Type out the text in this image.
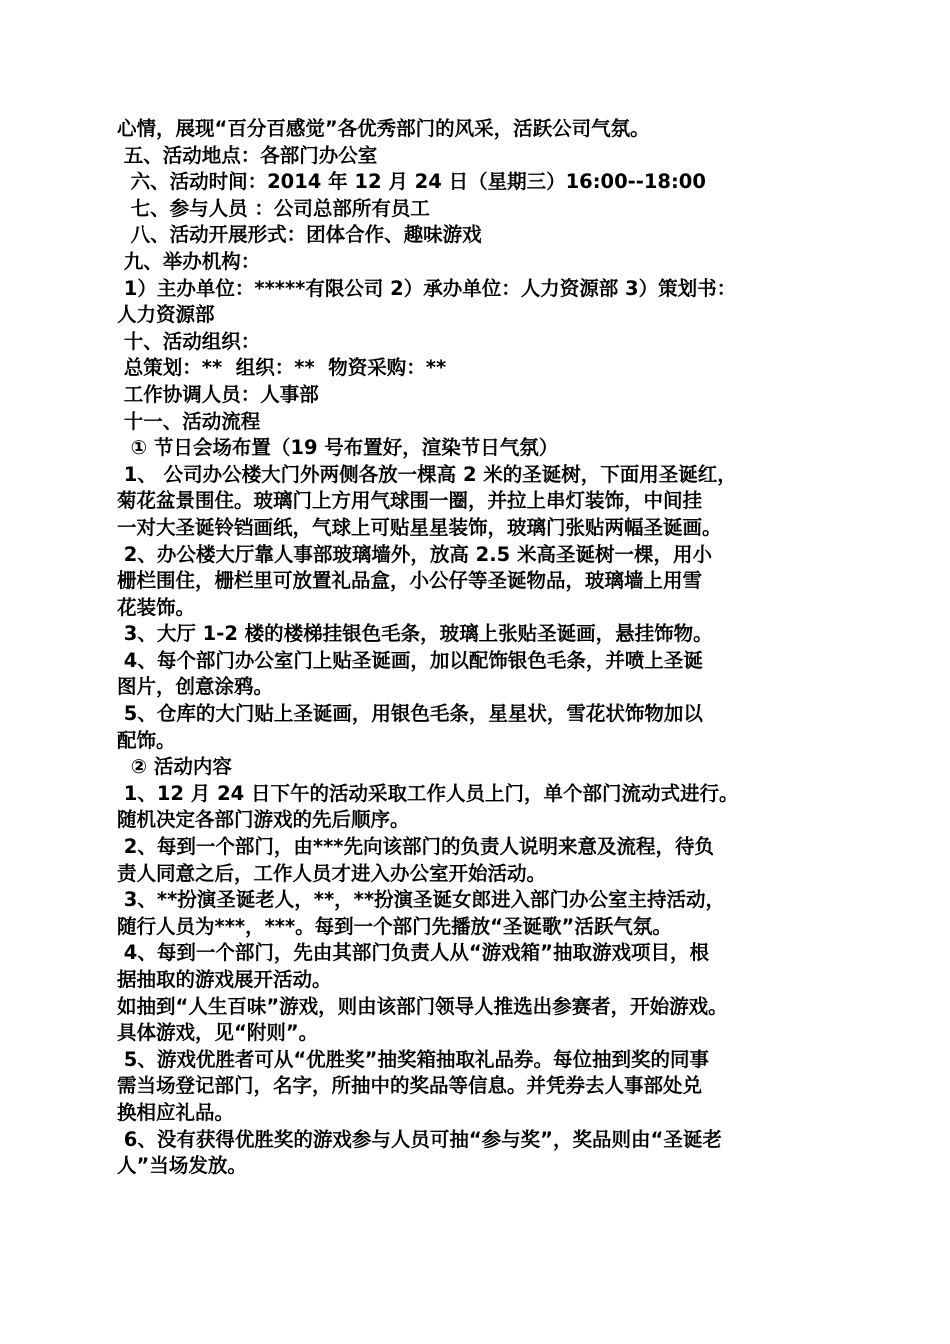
心情，展现“百分百感觉”各优秀部门的风采，活跃公司气氛。
五、活动地点：各部门办公室
六、活动时间：2014 年 12 月 24 日（星期三）16:00--18:00
七、参与人员 ：公司总部所有员工
八、活动开展形式：团体合作、趣味游戏
九、举办机构：
1）主办单位：*****有限公司 2）承办单位：人力资源部 3）策划书：
人力资源部
十、活动组织：
总策划：**  组织：**  物资采购：**
工作协调人员：人事部
十一、活动流程
① 节日会场布置（19 号布置好，渲染节日气氛）
1、 公司办公楼大门外两侧各放一棵高 2 米的圣诞树，下面用圣诞红，
菊花盆景围住。玻璃门上方用气球围一圈，并拉上串灯装饰，中间挂
一对大圣诞铃铛画纸，气球上可贴星星装饰，玻璃门张贴两幅圣诞画。
2、办公楼大厅靠人事部玻璃墙外，放高 2.5 米高圣诞树一棵，用小
栅栏围住，栅栏里可放置礼品盒，小公仔等圣诞物品，玻璃墙上用雪
花装饰。
3、大厅 1-2 楼的楼梯挂银色毛条，玻璃上张贴圣诞画，悬挂饰物。
4、每个部门办公室门上贴圣诞画，加以配饰银色毛条，并喷上圣诞
图片，创意涂鸦。
5、仓库的大门贴上圣诞画，用银色毛条，星星状，雪花状饰物加以
配饰。
② 活动内容
1、12 月 24 日下午的活动采取工作人员上门，单个部门流动式进行。
随机决定各部门游戏的先后顺序。
2、每到一个部门，由***先向该部门的负责人说明来意及流程，待负
责人同意之后，工作人员才进入办公室开始活动。
3、**扮演圣诞老人，**，**扮演圣诞女郎进入部门办公室主持活动，
随行人员为***，***。每到一个部门先播放“圣诞歌”活跃气氛。
4、每到一个部门，先由其部门负责人从“游戏箱”抽取游戏项目，根
据抽取的游戏展开活动。
如抽到“人生百味”游戏，则由该部门领导人推选出参赛者，开始游戏。
具体游戏，见“附则”。
5、游戏优胜者可从“优胜奖”抽奖箱抽取礼品券。每位抽到奖的同事
需当场登记部门，名字，所抽中的奖品等信息。并凭券去人事部处兑
换相应礼品。
6、没有获得优胜奖的游戏参与人员可抽“参与奖”，奖品则由“圣诞老
人”当场发放。
